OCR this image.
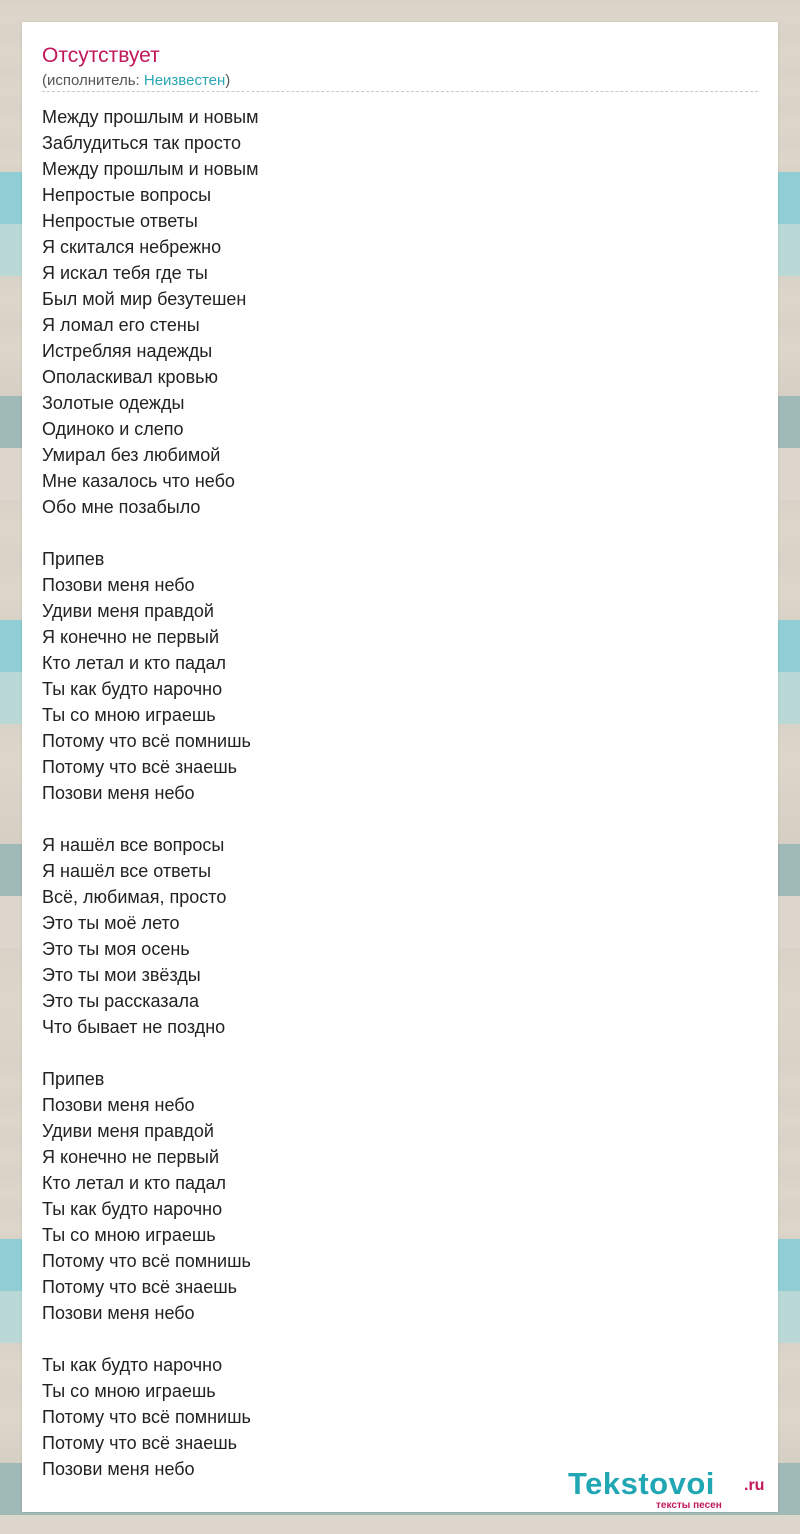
Отсутствует
(исполнитель: Неизвестен)
Между прошлым и новым
Заблудиться так просто
Между прошлым и новым
Непростые вопросы
Непростые ответы
Я скитался небрежно
Я искал тебя где ты
Был мой мир безутешен
Я ломал его стены
Истребляя надежды
Ополаскивал кровью
Золотые одежды
Одиноко и слепо
Умирал без любимой
Мне казалось что небо
Обо мне позабыло
Припев
Позови меня небо
Удиви меня правдой
Я конечно не первый
Кто летал и кто падал
Ты как будто нарочно
Ты со мною играешь
Потому что всё помнишь
Потому что всё знаешь
Позови меня небо
Я нашёл все вопросы
Я нашёл все ответы
Всё, любимая, просто
Это ты моё лето
Это ты моя осень
Это ты мои звёзды
Это ты рассказала
Что бывает не поздно
Припев
Позови меня небо
Удиви меня правдой
Я конечно не первый
Кто летал и кто падал
Ты как будто нарочно
Ты со мною играешь
Потому что всё помнишь
Потому что всё знаешь
Позови меня небо
Ты как будто нарочно
Ты со мною играешь
Потому что всё помнишь
Потому что всё знаешь
Позови меня небо	Tekstovoi .ru
тексты песен
